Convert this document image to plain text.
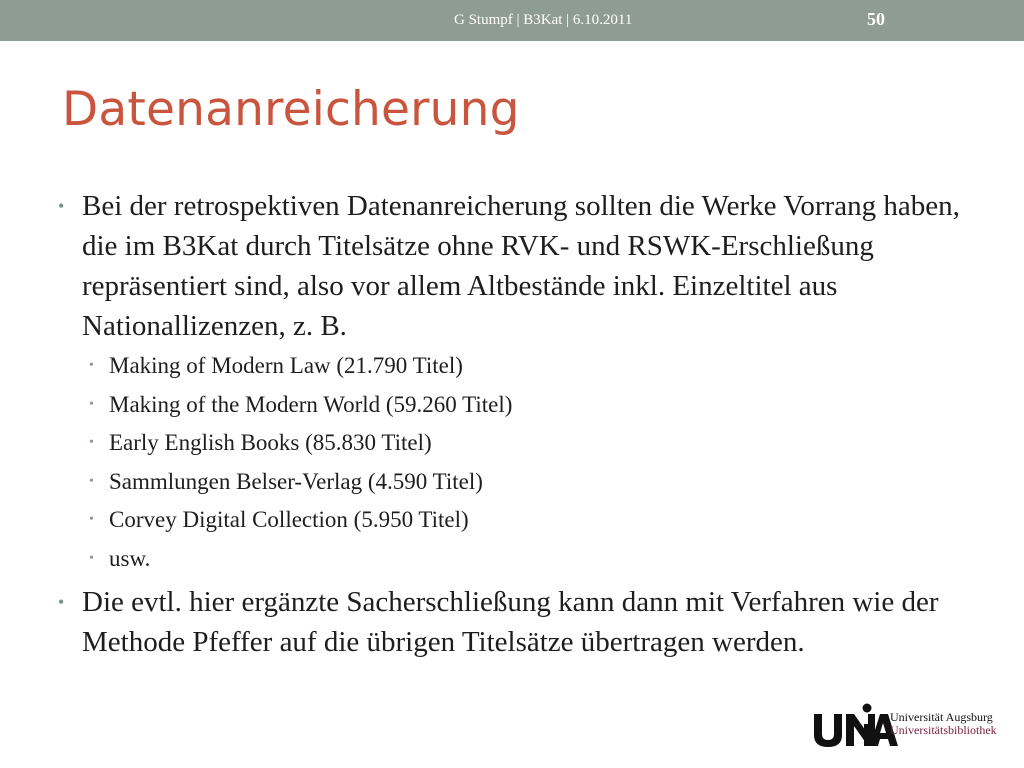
G Stumpf | B3Kat | 6.10.2011	50
Datenanreicherung
• Bei der retrospektiven Datenanreicherung sollten die Werke Vorrang haben, die im B3Kat durch Titelsätze ohne RVK- und RSWK-Erschließung repräsentiert sind, also vor allem Altbestände inkl. Einzeltitel aus Nationallizenzen, z. B.
• Making of Modern Law (21.790 Titel)
• Making of the Modern World (59.260 Titel)
• Early English Books (85.830 Titel)
• Sammlungen Belser-Verlag (4.590 Titel)
• Corvey Digital Collection (5.950 Titel)
• usw.
• Die evtl. hier ergänzte Sacherschließung kann dann mit Verfahren wie der Methode Pfeffer auf die übrigen Titelsätze übertragen werden.
Universität Augsburg
Universitätsbibliothek
